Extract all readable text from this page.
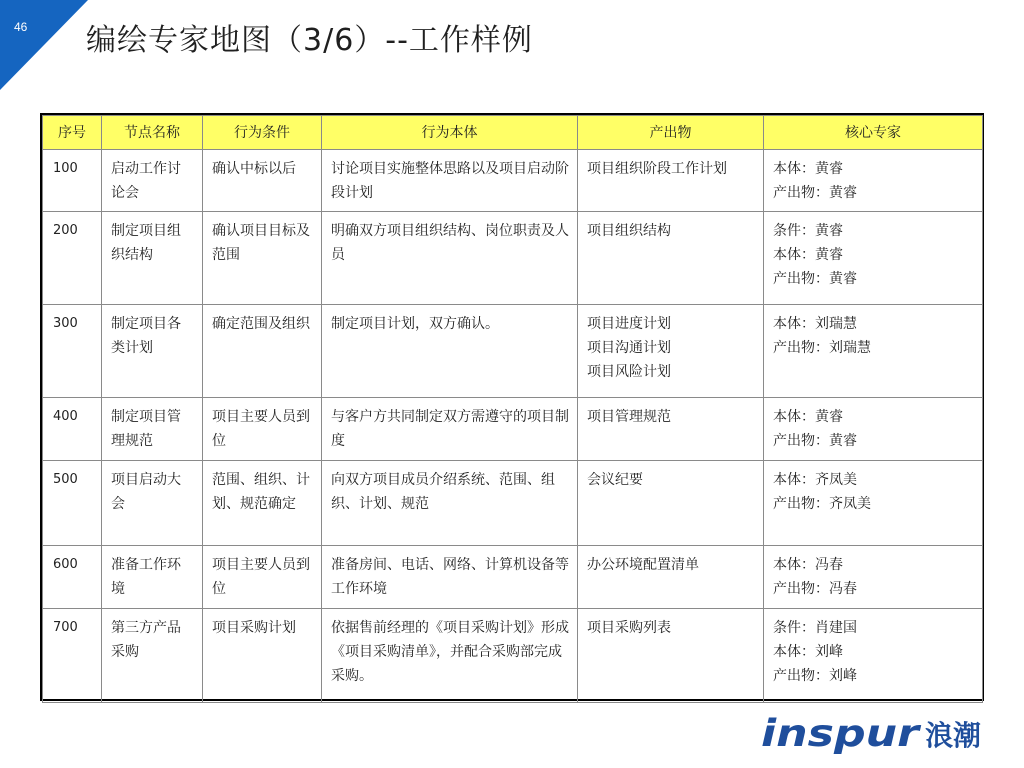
46 编绘专家地图（3/6）--工作样例
序号	节点名称	行为条件	行为本体	产出物	核心专家
100	启动工作讨论会	确认中标以后	讨论项目实施整体思路以及项目启动阶段计划	项目组织阶段工作计划	本体：黄睿
产出物：黄睿

200	制定项目组织结构	确认项目目标及范围	明确双方项目组织结构、岗位职责及人员	项目组织结构	条件：黄睿
本体：黄睿
产出物：黄睿

300	制定项目各类计划	确定范围及组织	制定项目计划，双方确认。	项目进度计划
项目沟通计划
项目风险计划	本体：刘瑞慧
产出物：刘瑞慧

400	制定项目管理规范	项目主要人员到位	与客户方共同制定双方需遵守的项目制度	项目管理规范	本体：黄睿
产出物：黄睿

500	项目启动大会	范围、组织、计划、规范确定	向双方项目成员介绍系统、范围、组织、计划、规范	会议纪要	本体：齐凤美
产出物：齐凤美

600	准备工作环境	项目主要人员到位	准备房间、电话、网络、计算机设备等工作环境	办公环境配置清单	本体：冯春
产出物：冯春

700	第三方产品采购	项目采购计划	依据售前经理的《项目采购计划》形成《项目采购清单》，并配合采购部完成采购。	项目采购列表	条件：肖建国
本体：刘峰
产出物：刘峰
inspur 浪潮
